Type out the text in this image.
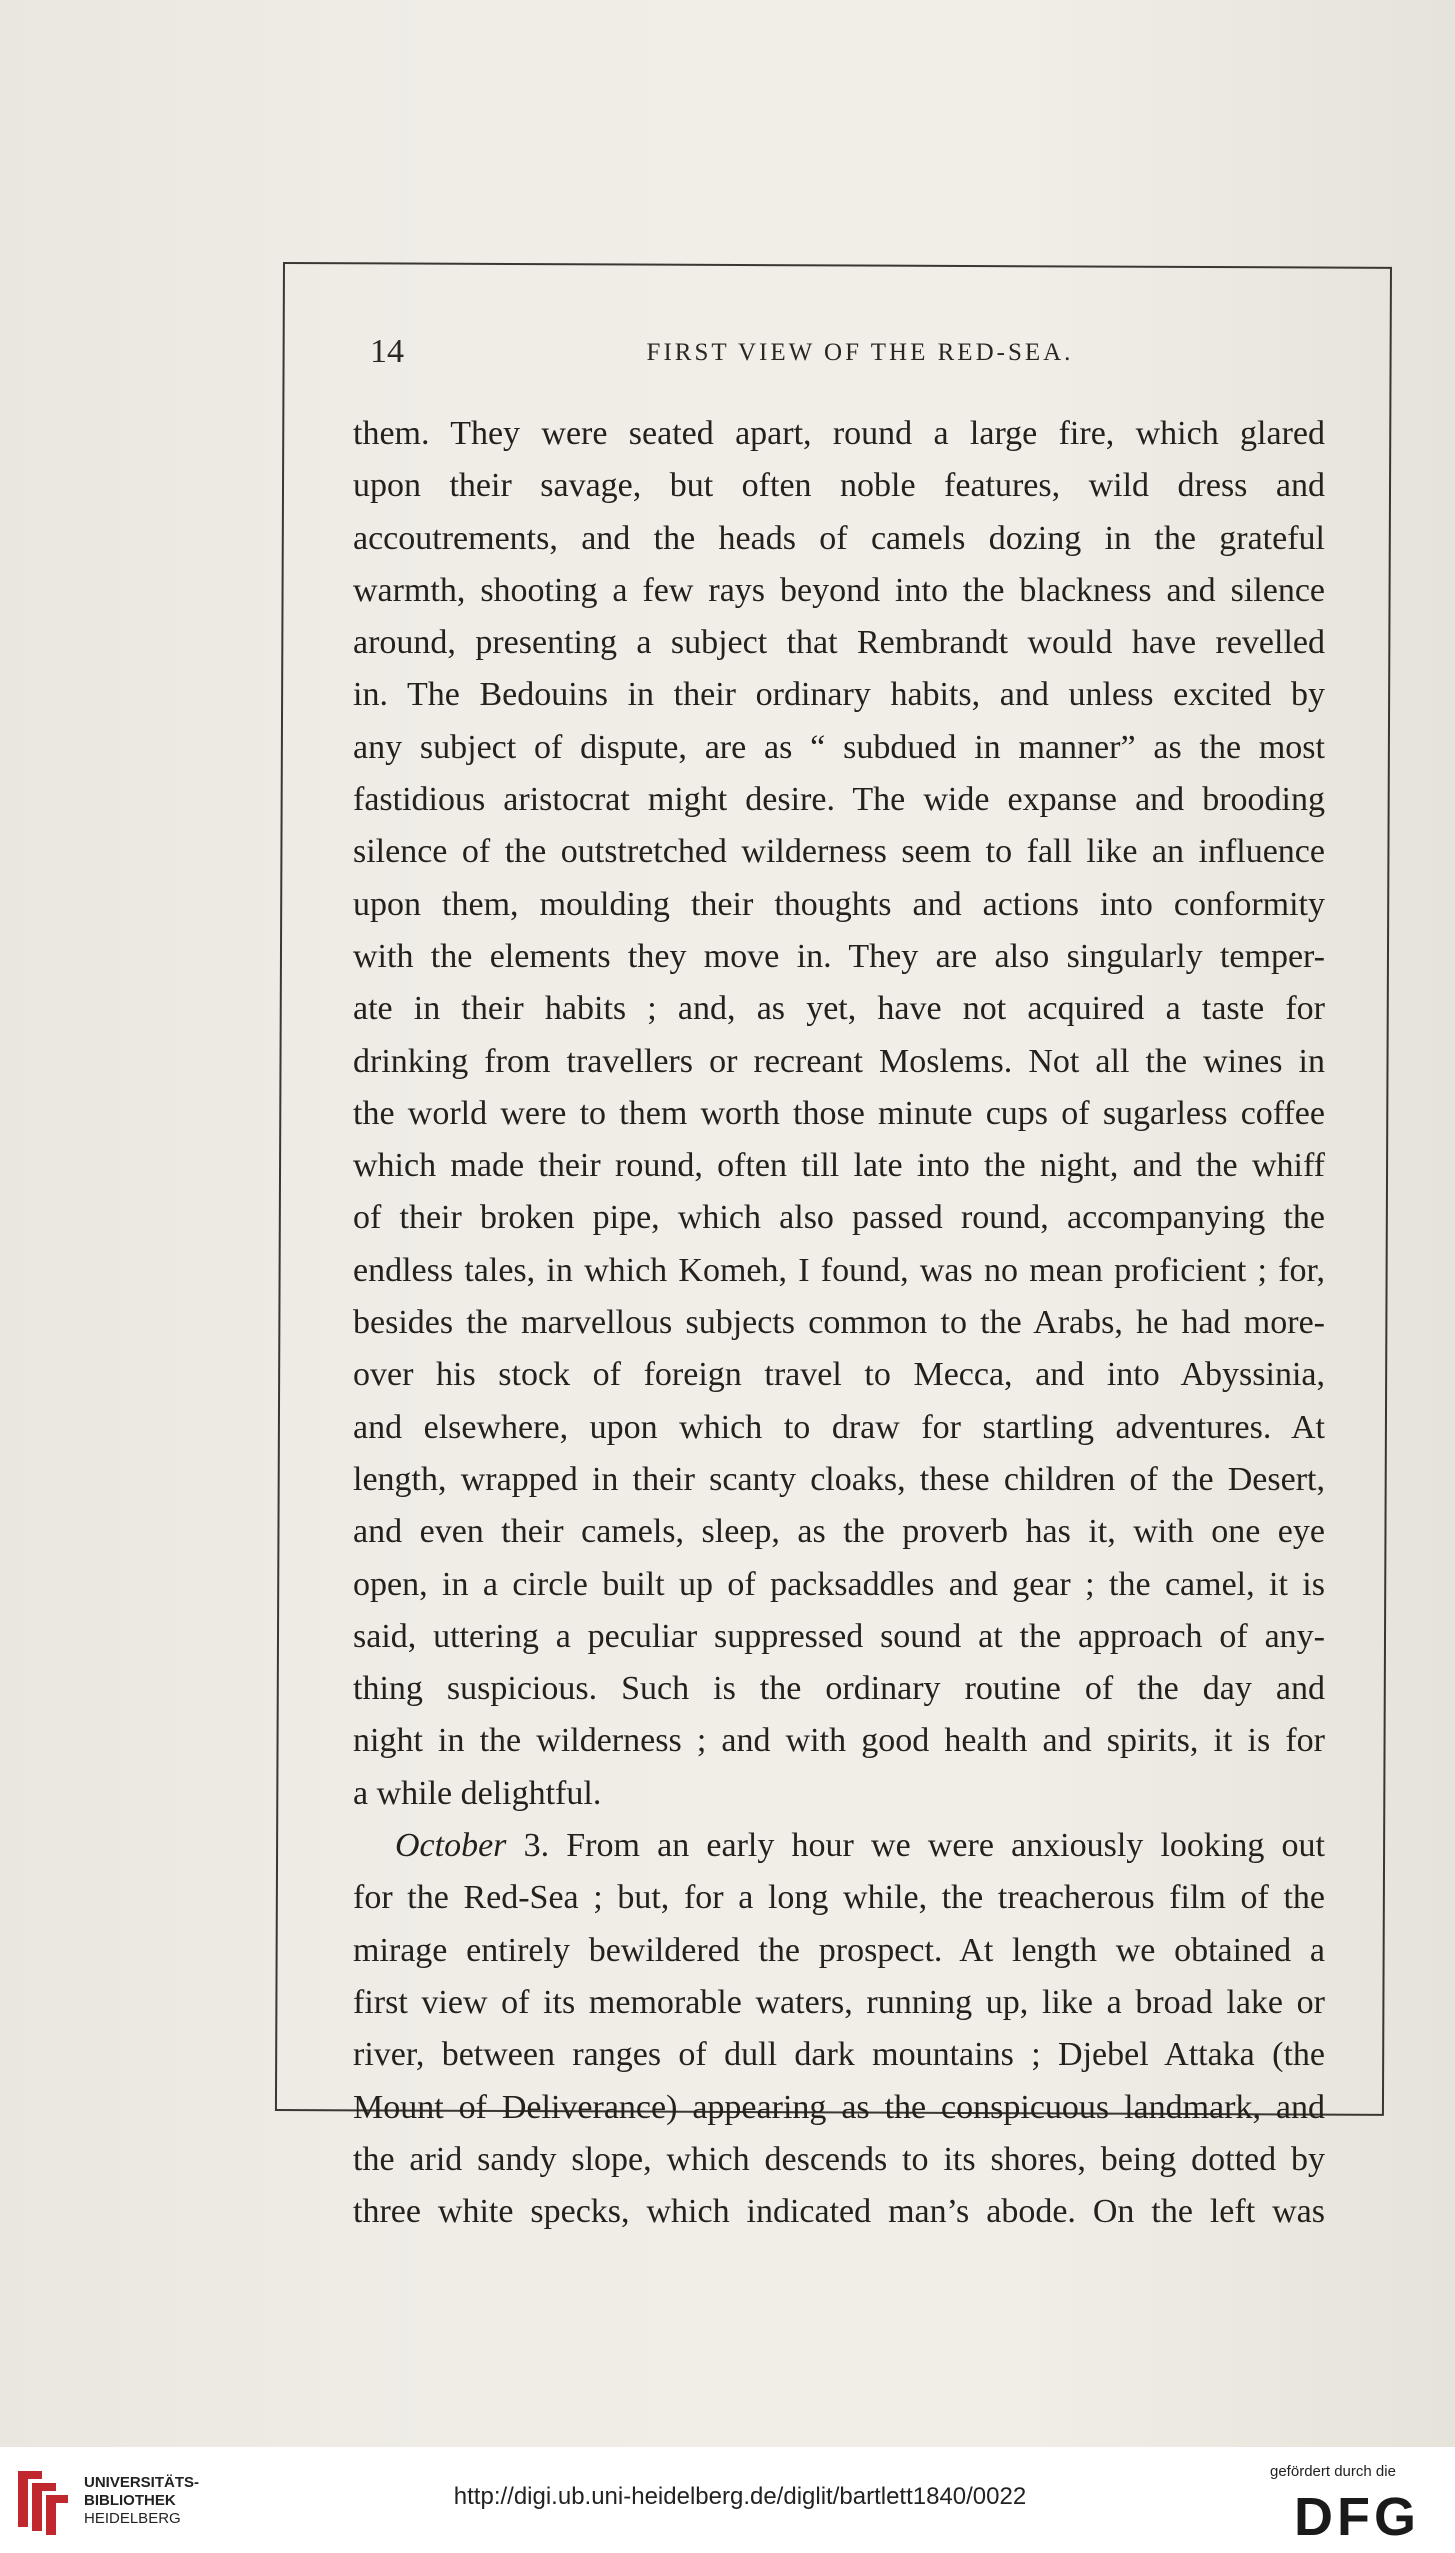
14	FIRST VIEW OF THE RED-SEA.
them. They were seated apart, round a large fire, which glared
upon their savage, but often noble features, wild dress and
accoutrements, and the heads of camels dozing in the grateful
warmth, shooting a few rays beyond into the blackness and silence
around, presenting a subject that Rembrandt would have revelled
in. The Bedouins in their ordinary habits, and unless excited by
any subject of dispute, are as “ subdued in manner” as the most
fastidious aristocrat might desire. The wide expanse and brooding
silence of the outstretched wilderness seem to fall like an influence
upon them, moulding their thoughts and actions into conformity
with the elements they move in. They are also singularly temper-
ate in their habits ; and, as yet, have not acquired a taste for
drinking from travellers or recreant Moslems. Not all the wines in
the world were to them worth those minute cups of sugarless coffee
which made their round, often till late into the night, and the whiff
of their broken pipe, which also passed round, accompanying the
endless tales, in which Komeh, I found, was no mean proficient ; for,
besides the marvellous subjects common to the Arabs, he had more-
over his stock of foreign travel to Mecca, and into Abyssinia,
and elsewhere, upon which to draw for startling adventures. At
length, wrapped in their scanty cloaks, these children of the Desert,
and even their camels, sleep, as the proverb has it, with one eye
open, in a circle built up of packsaddles and gear ; the camel, it is
said, uttering a peculiar suppressed sound at the approach of any-
thing suspicious. Such is the ordinary routine of the day and
night in the wilderness ; and with good health and spirits, it is for
a while delightful.
October 3. From an early hour we were anxiously looking out
for the Red-Sea ; but, for a long while, the treacherous film of the
mirage entirely bewildered the prospect. At length we obtained a
first view of its memorable waters, running up, like a broad lake or
river, between ranges of dull dark mountains ; Djebel Attaka (the
Mount of Deliverance) appearing as the conspicuous landmark, and
the arid sandy slope, which descends to its shores, being dotted by
three white specks, which indicated man’s abode. On the left was
UNIVERSITÄTS-
BIBLIOTHEK
HEIDELBERG
http://digi.ub.uni-heidelberg.de/diglit/bartlett1840/0022
gefördert durch die
DFG
